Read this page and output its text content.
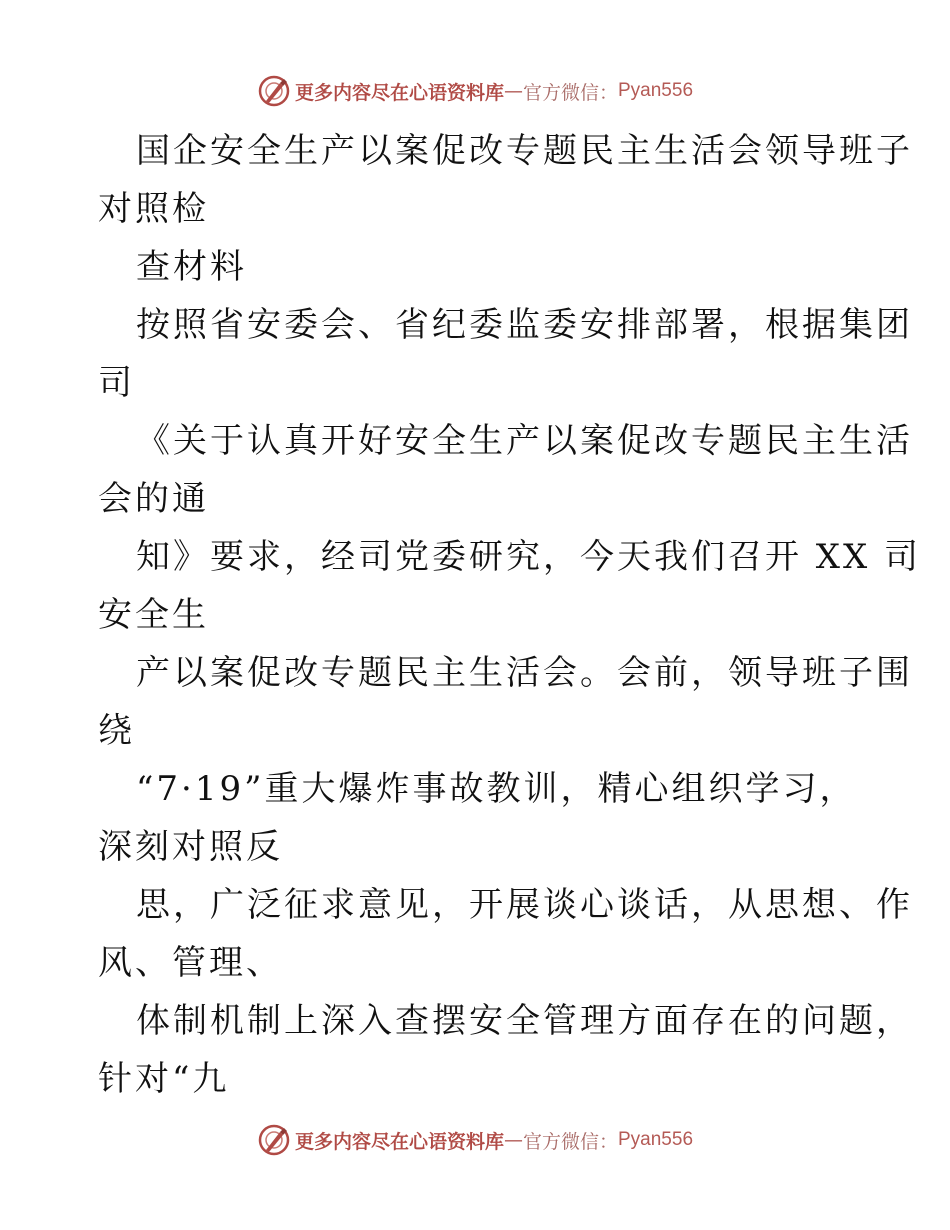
更多内容尽在心语资料库 — 官方微信： Pyan556
国企安全生产以案促改专题民主生活会领导班子
对照检
查材料
按照省安委会、省纪委监委安排部署，根据集团
司
《关于认真开好安全生产以案促改专题民主生活
会的通
知》要求，经司党委研究，今天我们召开 XX 司
安全生
产以案促改专题民主生活会。会前，领导班子围
绕
“7·19”重大爆炸事故教训，精心组织学习，
深刻对照反
思，广泛征求意见，开展谈心谈话，从思想、作
风、管理、
体制机制上深入查摆安全管理方面存在的问题，
针对“九
更多内容尽在心语资料库 — 官方微信： Pyan556
